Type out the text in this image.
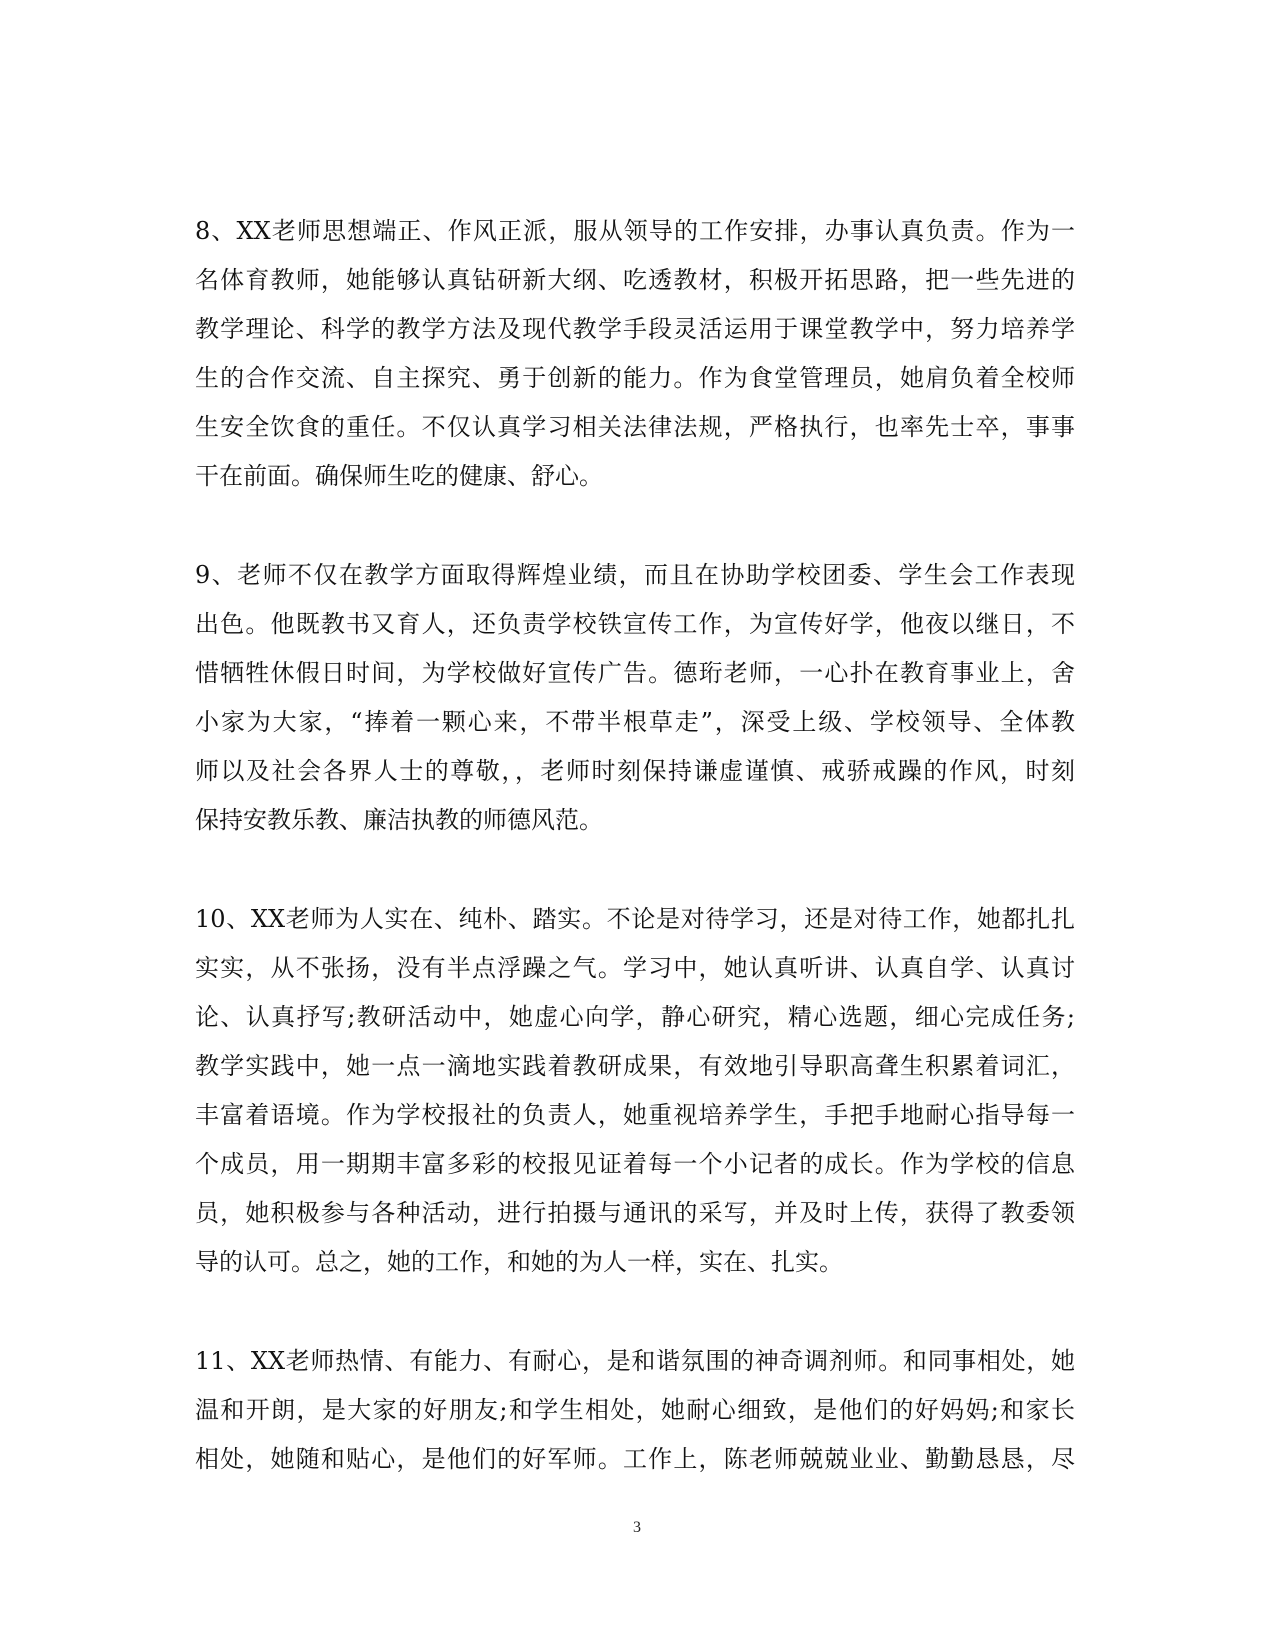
8、XX老师思想端正、作风正派，服从领导的工作安排，办事认真负责。作为一
名体育教师，她能够认真钻研新大纲、吃透教材，积极开拓思路，把一些先进的
教学理论、科学的教学方法及现代教学手段灵活运用于课堂教学中，努力培养学
生的合作交流、自主探究、勇于创新的能力。作为食堂管理员，她肩负着全校师
生安全饮食的重任。不仅认真学习相关法律法规，严格执行，也率先士卒，事事
干在前面。确保师生吃的健康、舒心。
9、老师不仅在教学方面取得辉煌业绩，而且在协助学校团委、学生会工作表现
出色。他既教书又育人，还负责学校铁宣传工作，为宣传好学，他夜以继日，不
惜牺牲休假日时间，为学校做好宣传广告。德珩老师，一心扑在教育事业上，舍
小家为大家，“捧着一颗心来，不带半根草走”，深受上级、学校领导、全体教
师以及社会各界人士的尊敬，，老师时刻保持谦虚谨慎、戒骄戒躁的作风，时刻
保持安教乐教、廉洁执教的师德风范。
10、XX老师为人实在、纯朴、踏实。不论是对待学习，还是对待工作，她都扎扎
实实，从不张扬，没有半点浮躁之气。学习中，她认真听讲、认真自学、认真讨
论、认真抒写;教研活动中，她虚心向学，静心研究，精心选题，细心完成任务;
教学实践中，她一点一滴地实践着教研成果，有效地引导职高聋生积累着词汇，
丰富着语境。作为学校报社的负责人，她重视培养学生，手把手地耐心指导每一
个成员，用一期期丰富多彩的校报见证着每一个小记者的成长。作为学校的信息
员，她积极参与各种活动，进行拍摄与通讯的采写，并及时上传，获得了教委领
导的认可。总之，她的工作，和她的为人一样，实在、扎实。
11、XX老师热情、有能力、有耐心，是和谐氛围的神奇调剂师。和同事相处，她
温和开朗，是大家的好朋友;和学生相处，她耐心细致，是他们的好妈妈;和家长
相处，她随和贴心，是他们的好军师。工作上，陈老师兢兢业业、勤勤恳恳，尽
3
